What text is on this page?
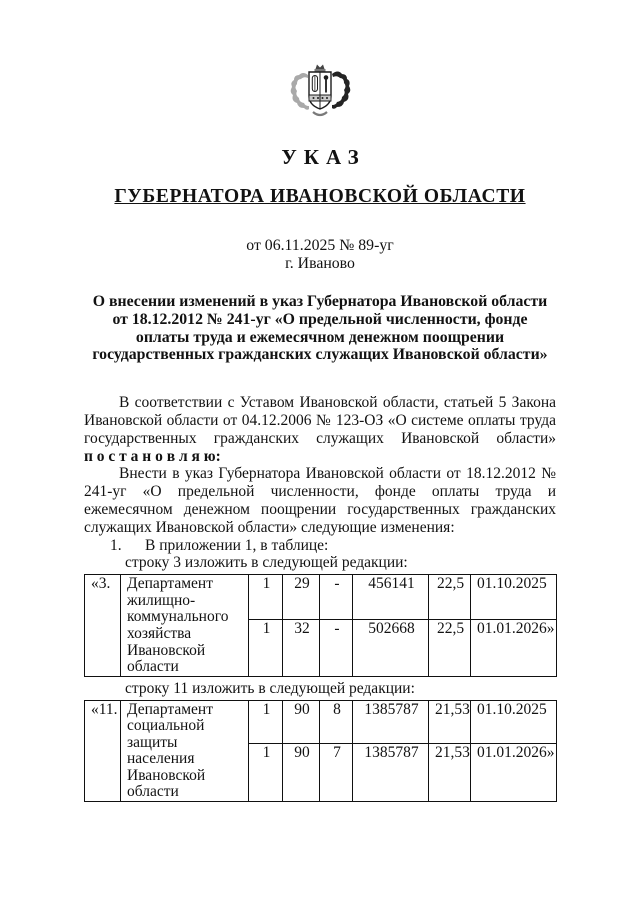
УКАЗ
ГУБЕРНАТОРА ИВАНОВСКОЙ ОБЛАСТИ
от 06.11.2025 № 89-уг
г. Иваново
О внесении изменений в указ Губернатора Ивановской области от 18.12.2012 № 241-уг «О предельной численности, фонде оплаты труда и ежемесячном денежном поощрении государственных гражданских служащих Ивановской области»

В соответствии с Уставом Ивановской области, статьей 5 Закона Ивановской области от 04.12.2006 № 123-ОЗ «О системе оплаты труда государственных гражданских служащих Ивановской области»

п о с т а н о в л я ю:

Внести в указ Губернатора Ивановской области от 18.12.2012 № 241-уг «О предельной численности, фонде оплаты труда и ежемесячном денежном поощрении государственных гражданских служащих Ивановской области» следующие изменения:

1. В приложении 1, в таблице:

строку 3 изложить в следующей редакции:

«3.	Департамент жилищно-коммунального хозяйства Ивановской области	1	29	-	456141	22,5	01.10.2025
		1	32	-	502668	22,5	01.01.2026»

строку 11 изложить в следующей редакции:

«11.	Департамент социальной защиты населения Ивановской области	1	90	8	1385787	21,53	01.10.2025
		1	90	7	1385787	21,53	01.01.2026»
